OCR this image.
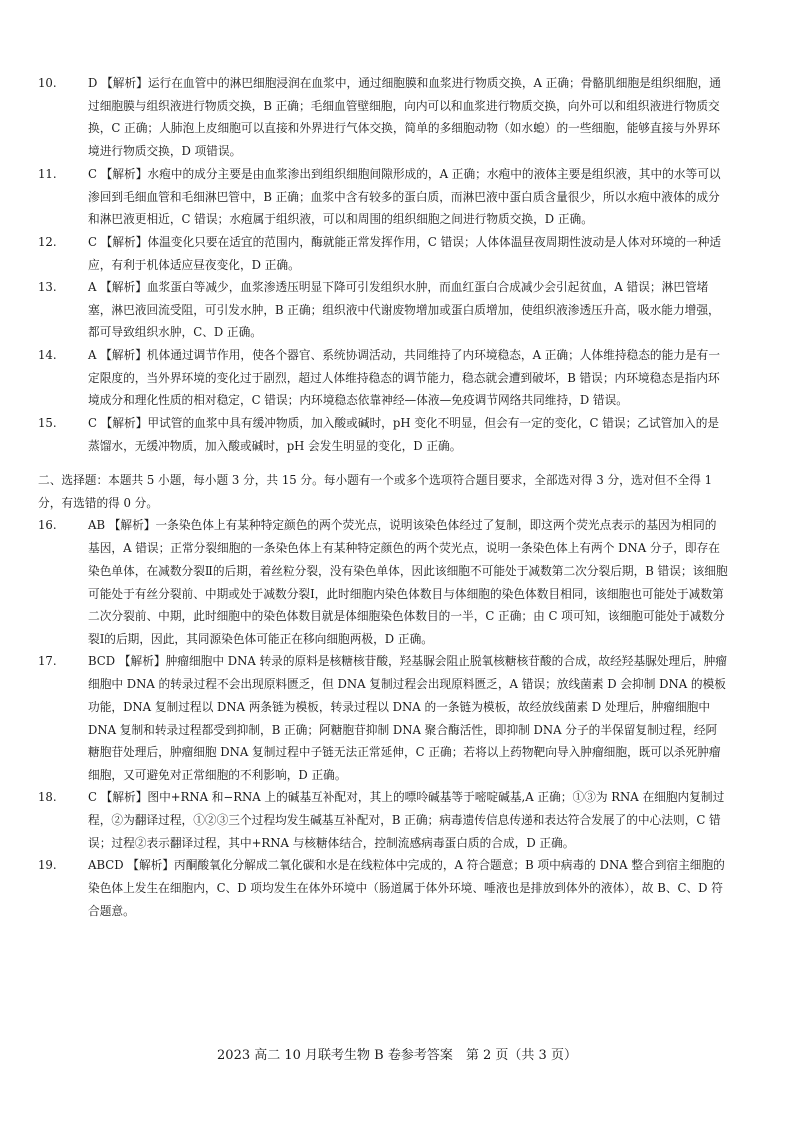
10.	D 【解析】运行在血管中的淋巴细胞浸润在血浆中，通过细胞膜和血浆进行物质交换，A 正确；骨骼肌细胞是组织细胞，通过细胞膜与组织液进行物质交换，B 正确；毛细血管壁细胞，向内可以和血浆进行物质交换，向外可以和组织液进行物质交换，C 正确；人肺泡上皮细胞可以直接和外界进行气体交换，简单的多细胞动物（如水螅）的一些细胞，能够直接与外界环境进行物质交换，D 项错误。
11.	C 【解析】水疱中的成分主要是由血浆渗出到组织细胞间隙形成的，A 正确；水疱中的液体主要是组织液，其中的水等可以渗回到毛细血管和毛细淋巴管中，B 正确；血浆中含有较多的蛋白质，而淋巴液中蛋白质含量很少，所以水疱中液体的成分和淋巴液更相近，C 错误；水疱属于组织液，可以和周围的组织细胞之间进行物质交换，D 正确。
12.	C 【解析】体温变化只要在适宜的范围内，酶就能正常发挥作用，C 错误；人体体温昼夜周期性波动是人体对环境的一种适应，有利于机体适应昼夜变化，D 正确。
13.	A 【解析】血浆蛋白等减少，血浆渗透压明显下降可引发组织水肿，而血红蛋白合成减少会引起贫血，A 错误；淋巴管堵塞，淋巴液回流受阻，可引发水肿，B 正确；组织液中代谢废物增加或蛋白质增加，使组织液渗透压升高，吸水能力增强，都可导致组织水肿，C、D 正确。
14.	A 【解析】机体通过调节作用，使各个器官、系统协调活动，共同维持了内环境稳态，A 正确；人体维持稳态的能力是有一定限度的，当外界环境的变化过于剧烈，超过人体维持稳态的调节能力，稳态就会遭到破坏，B 错误；内环境稳态是指内环境成分和理化性质的相对稳定，C 错误；内环境稳态依靠神经—体液—免疫调节网络共同维持，D 错误。
15.	C 【解析】甲试管的血浆中具有缓冲物质，加入酸或碱时，pH 变化不明显，但会有一定的变化，C 错误；乙试管加入的是蒸馏水，无缓冲物质，加入酸或碱时，pH 会发生明显的变化，D 正确。
二、选择题：本题共 5 小题，每小题 3 分，共 15 分。每小题有一个或多个选项符合题目要求，全部选对得 3 分，选对但不全得 1 分，有选错的得 0 分。
16.	AB 【解析】一条染色体上有某种特定颜色的两个荧光点，说明该染色体经过了复制，即这两个荧光点表示的基因为相同的基因，A 错误；正常分裂细胞的一条染色体上有某种特定颜色的两个荧光点，说明一条染色体上有两个 DNA 分子，即存在染色单体，在减数分裂Ⅱ的后期，着丝粒分裂，没有染色单体，因此该细胞不可能处于减数第二次分裂后期，B 错误；该细胞可能处于有丝分裂前、中期或处于减数分裂Ⅰ，此时细胞内染色体数目与体细胞的染色体数目相同，该细胞也可能处于减数第二次分裂前、中期，此时细胞中的染色体数目就是体细胞染色体数目的一半，C 正确；由 C 项可知，该细胞可能处于减数分裂Ⅰ的后期，因此，其同源染色体可能正在移向细胞两极，D 正确。
17.	BCD 【解析】肿瘤细胞中 DNA 转录的原料是核糖核苷酸，羟基脲会阻止脱氧核糖核苷酸的合成，故经羟基脲处理后，肿瘤细胞中 DNA 的转录过程不会出现原料匮乏，但 DNA 复制过程会出现原料匮乏，A 错误；放线菌素 D 会抑制 DNA 的模板功能，DNA 复制过程以 DNA 两条链为模板，转录过程以 DNA 的一条链为模板，故经放线菌素 D 处理后，肿瘤细胞中 DNA 复制和转录过程都受到抑制，B 正确；阿糖胞苷抑制 DNA 聚合酶活性，即抑制 DNA 分子的半保留复制过程，经阿糖胞苷处理后，肿瘤细胞 DNA 复制过程中子链无法正常延伸，C 正确；若将以上药物靶向导入肿瘤细胞，既可以杀死肿瘤细胞，又可避免对正常细胞的不利影响，D 正确。
18.	C 【解析】图中+RNA 和−RNA 上的碱基互补配对，其上的嘌呤碱基等于嘧啶碱基,A 正确；①③为 RNA 在细胞内复制过程，②为翻译过程，①②③三个过程均发生碱基互补配对，B 正确；病毒遗传信息传递和表达符合发展了的中心法则，C 错误；过程②表示翻译过程，其中+RNA 与核糖体结合，控制流感病毒蛋白质的合成，D 正确。
19.	ABCD 【解析】丙酮酸氧化分解成二氧化碳和水是在线粒体中完成的，A 符合题意；B 项中病毒的 DNA 整合到宿主细胞的染色体上发生在细胞内，C、D 项均发生在体外环境中（肠道属于体外环境、唾液也是排放到体外的液体），故 B、C、D 符合题意。
2023 高二 10 月联考生物 B 卷参考答案　第 2 页（共 3 页）
